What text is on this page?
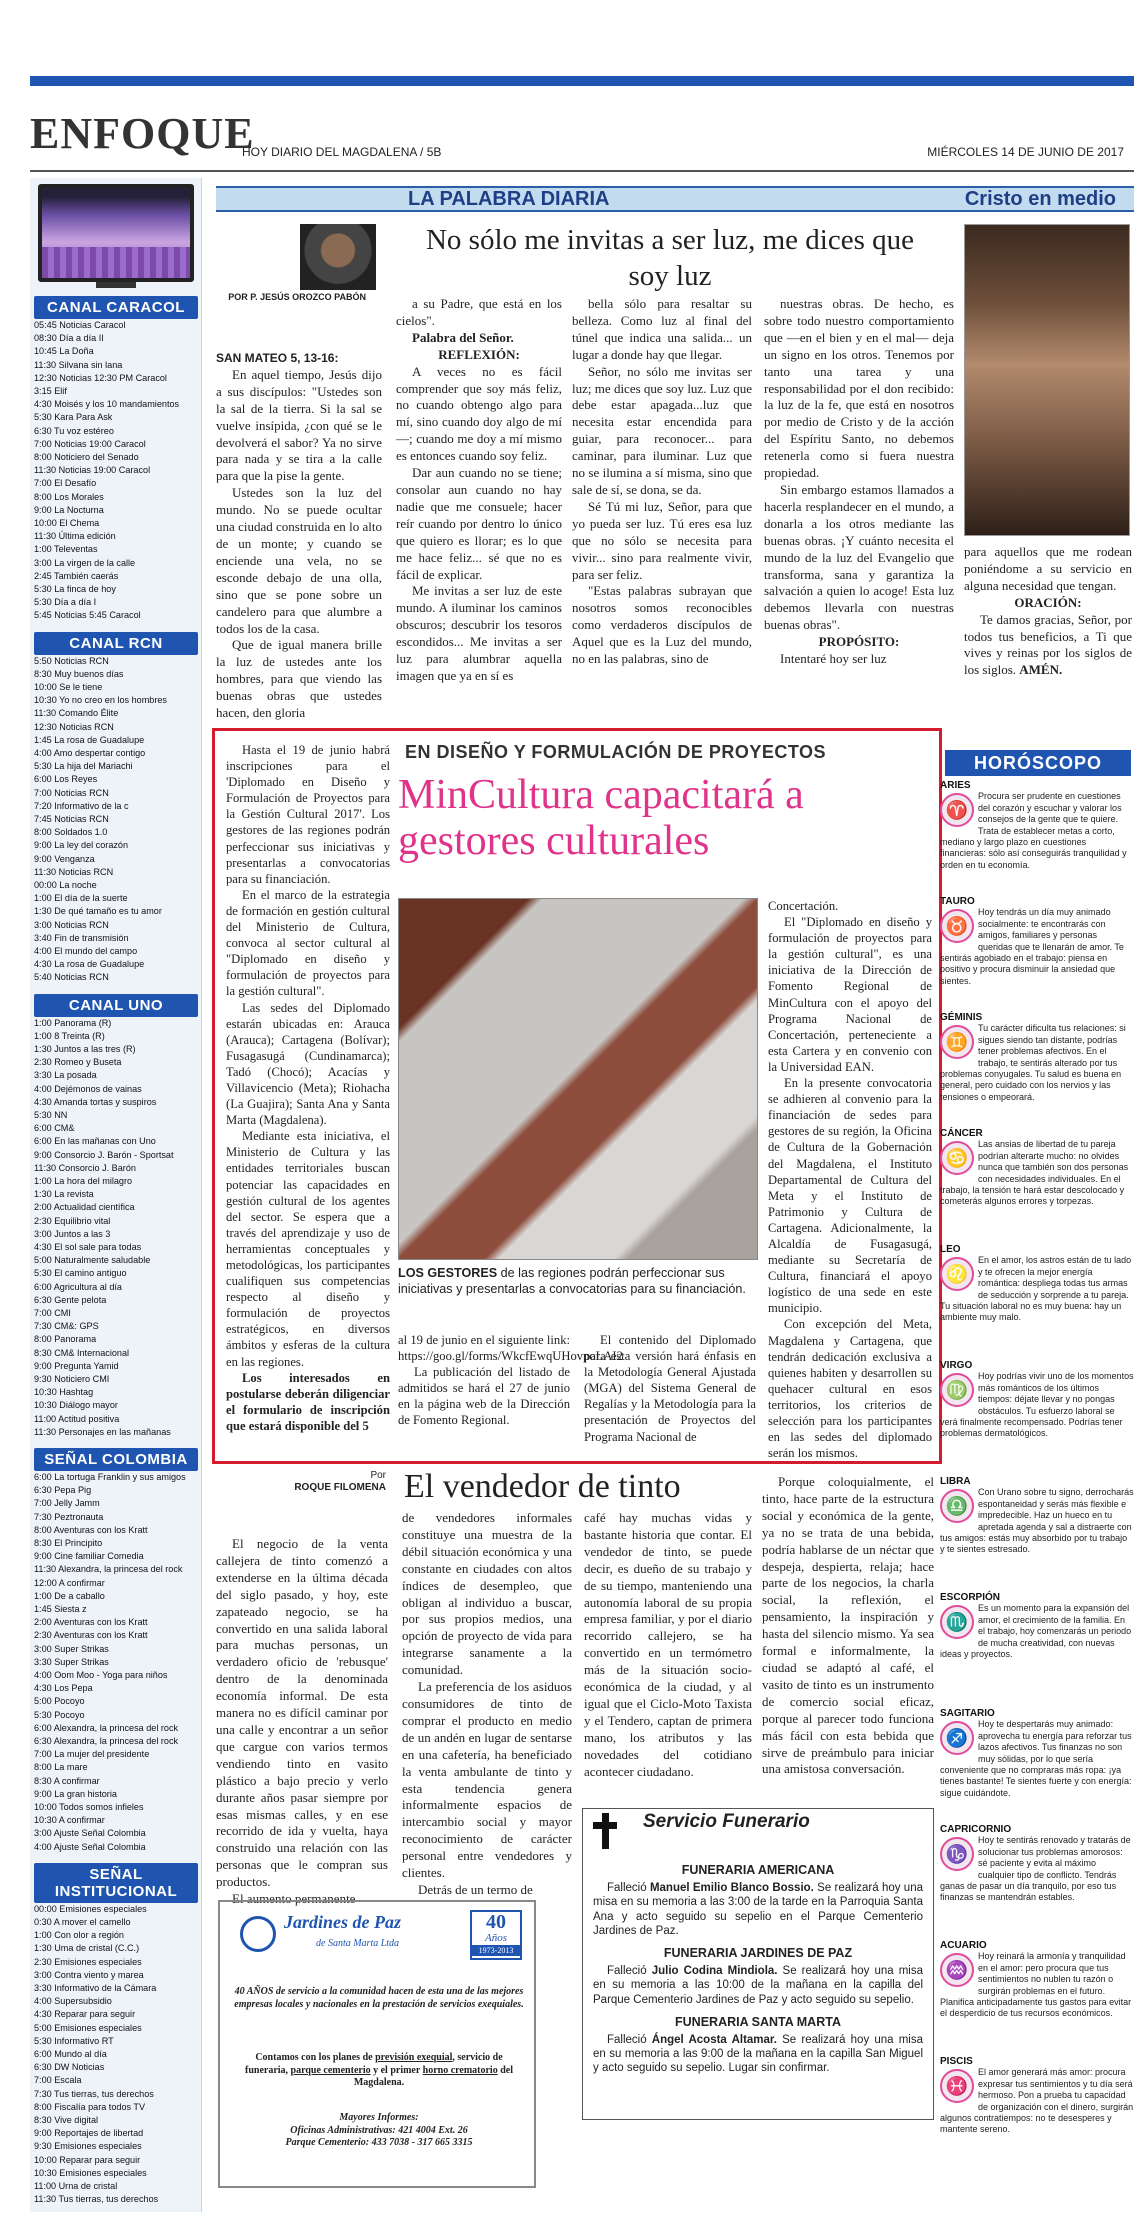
ENFOQUE
HOY DIARIO DEL MAGDALENA / 5B	MIÉRCOLES 14 DE JUNIO DE 2017
CANAL CARACOL
05:45 Noticias Caracol
08:30 Día a día II
10:45 La Doña
11:30 Silvana sin lana
12:30 Noticias 12:30 PM Caracol
3:15 Elif
4:30 Moisés y los 10 mandamientos
5:30 Kara Para Ask
6:30 Tu voz estéreo
7:00 Noticias 19:00 Caracol
8:00 Noticiero del Senado
11:30 Noticias 19:00 Caracol
7:00 El Desafío
8:00 Los Morales
9:00 La Nocturna
10:00 El Chema
11:30 Última edición
1:00 Televentas
3:00 La virgen de la calle
2:45 También caerás
5:30 La finca de hoy
5:30 Día a día I
5:45 Noticias 5:45 Caracol
CANAL RCN
5:50 Noticias RCN
8:30 Muy buenos días
10:00 Se le tiene
10:30 Yo no creo en los hombres
11:30 Comando Élite
12:30 Noticias RCN
1:45 La rosa de Guadalupe
4:00 Amo despertar contigo
5:30 La hija del Mariachi
6:00 Los Reyes
7:00 Noticias RCN
7:20 Informativo de la c
7:45 Noticias RCN
8:00 Soldados 1.0
9:00 La ley del corazón
9:00 Venganza
11:30 Noticias RCN
00:00 La noche
1:00 El día de la suerte
1:30 De qué tamaño es tu amor
3:00 Noticias RCN
3:40 Fin de transmisión
4:00 El mundo del campo
4:30 La rosa de Guadalupe
5:40 Noticias RCN
CANAL UNO
1:00 Panorama (R)
1:00 8 Treinta (R)
1:30 Juntos a las tres (R)
2:30 Romeo y Buseta
3:30 La posada
4:00 Dejémonos de vainas
4:30 Amanda tortas y suspiros
5:30 NN
6:00 CM&
6:00 En las mañanas con Uno
9:00 Consorcio J. Barón - Sportsat
11:30 Consorcio J. Barón
1:00 La hora del milagro
1:30 La revista
2:00 Actualidad científica
2:30 Equilibrio vital
3:00 Juntos a las 3
4:30 El sol sale para todas
5:00 Naturalmente saludable
5:30 El camino antiguo
6:00 Agricultura al día
6:30 Gente pelota
7:00 CMI
7:30 CM&: GPS
8:00 Panorama
8:30 CM& Internacional
9:00 Pregunta Yamid
9:30 Noticiero CMI
10:30 Hashtag
10:30 Diálogo mayor
11:00 Actitud positiva
11:30 Personajes en las mañanas
SEÑAL COLOMBIA
6:00 La tortuga Franklin y sus amigos
6:30 Pepa Pig
7:00 Jelly Jamm
7:30 Peztronauta
8:00 Aventuras con los Kratt
8:30 El Principito
9:00 Cine familiar Comedia
11:30 Alexandra, la princesa del rock
12:00 A confirmar
1:00 De a caballo
1:45 Siesta z
2:00 Aventuras con los Kratt
2:30 Aventuras con los Kratt
3:00 Super Strikas
3:30 Super Strikas
4:00 Oom Moo - Yoga para niños
4:30 Los Pepa
5:00 Pocoyo
5:30 Pocoyo
6:00 Alexandra, la princesa del rock
6:30 Alexandra, la princesa del rock
7:00 La mujer del presidente
8:00 La mare
8:30 A confirmar
9:00 La gran historia
10:00 Todos somos infieles
10:30 A confirmar
3:00 Ajuste Señal Colombia
4:00 Ajuste Señal Colombia
SEÑAL INSTITUCIONAL
00:00 Emisiones especiales
0:30 A mover el camello
1:00 Con olor a región
1:30 Uma de cristal (C.C.)
2:30 Emisiones especiales
3:00 Contra viento y marea
3:30 Informativo de la Cámara
4:00 Supersubsidio
4:30 Reparar para seguir
5:00 Emisiones especiales
5:30 Informativo RT
6:00 Mundo al día
6:30 DW Noticias
7:00 Escala
7:30 Tus tierras, tus derechos
8:00 Fiscalía para todos TV
8:30 Vive digital
9:00 Reportajes de libertad
9:30 Emisiones especiales
10:00 Reparar para seguir
10:30 Emisiones especiales
11:00 Urna de cristal
11:30 Tus tierras, tus derechos
LA PALABRA DIARIA	Cristo en medio
POR P. JESÚS OROZCO PABÓN
No sólo me invitas a ser luz, me dices que soy luz
SAN MATEO 5, 13-16:

En aquel tiempo, Jesús dijo a sus discípulos: "Ustedes son la sal de la tierra. Si la sal se vuelve insípida, ¿con qué se le devolverá el sabor? Ya no sirve para nada y se tira a la calle para que la pise la gente.

Ustedes son la luz del mundo. No se puede ocultar una ciudad construida en lo alto de un monte; y cuando se enciende una vela, no se esconde debajo de una olla, sino que se pone sobre un candelero para que alumbre a todos los de la casa.

Que de igual manera brille la luz de ustedes ante los hombres, para que viendo las buenas obras que ustedes hacen, den gloria

a su Padre, que está en los cielos".

Palabra del Señor.

REFLEXIÓN:

A veces no es fácil comprender que soy más feliz, no cuando obtengo algo para mí, sino cuando doy algo de mí—; cuando me doy a mí mismo es entonces cuando soy feliz.

Dar aun cuando no se tiene; consolar aun cuando no hay nadie que me consuele; hacer reír cuando por dentro lo único que quiero es llorar; es lo que me hace feliz... sé que no es fácil de explicar.

Me invitas a ser luz de este mundo. A iluminar los caminos obscuros; descubrir los tesoros escondidos... Me invitas a ser luz para alumbrar aquella imagen que ya en sí es

bella sólo para resaltar su belleza. Como luz al final del túnel que indica una salida... un lugar a donde hay que llegar.

Señor, no sólo me invitas ser luz; me dices que soy luz. Luz que debe estar apagada...luz que necesita estar encendida para guiar, para reconocer... para caminar, para iluminar. Luz que no se ilumina a sí misma, sino que sale de sí, se dona, se da.

Sé Tú mi luz, Señor, para que yo pueda ser luz. Tú eres esa luz que no sólo se necesita para vivir... sino para realmente vivir, para ser feliz.

"Estas palabras subrayan que nosotros somos reconocibles como verdaderos discípulos de Aquel que es la Luz del mundo, no en las palabras, sino de

nuestras obras. De hecho, es sobre todo nuestro comportamiento que —en el bien y en el mal— deja un signo en los otros. Tenemos por tanto una tarea y una responsabilidad por el don recibido: la luz de la fe, que está en nosotros por medio de Cristo y de la acción del Espíritu Santo, no debemos retenerla como si fuera nuestra propiedad.

Sin embargo estamos llamados a hacerla resplandecer en el mundo, a donarla a los otros mediante las buenas obras. ¡Y cuánto necesita el mundo de la luz del Evangelio que transforma, sana y garantiza la salvación a quien lo acoge! Esta luz debemos llevarla con nuestras buenas obras".

PROPÓSITO:

Intentaré hoy ser luz

para aquellos que me rodean poniéndome a su servicio en alguna necesidad que tengan.

ORACIÓN:

Te damos gracias, Señor, por todos tus beneficios, a Ti que vives y reinas por los siglos de los siglos. AMÉN.

EN DISEÑO Y FORMULACIÓN DE PROYECTOS
MinCultura capacitará a gestores culturales

Hasta el 19 de junio habrá inscripciones para el 'Diplomado en Diseño y Formulación de Proyectos para la Gestión Cultural 2017'. Los gestores de las regiones podrán perfeccionar sus iniciativas y presentarlas a convocatorias para su financiación.

En el marco de la estrategia de formación en gestión cultural del Ministerio de Cultura, convoca al sector cultural al "Diplomado en diseño y formulación de proyectos para la gestión cultural".

Las sedes del Diplomado estarán ubicadas en: Arauca (Arauca); Cartagena (Bolívar); Fusagasugá (Cundinamarca); Tadó (Chocó); Acacías y Villavicencio (Meta); Riohacha (La Guajira); Santa Ana y Santa Marta (Magdalena).

Mediante esta iniciativa, el Ministerio de Cultura y las entidades territoriales buscan potenciar las capacidades en gestión cultural de los agentes del sector. Se espera que a través del aprendizaje y uso de herramientas conceptuales y metodológicas, los participantes cualifiquen sus competencias respecto al diseño y formulación de proyectos estratégicos, en diversos ámbitos y esferas de la cultura en las regiones.

Los interesados en postularse deberán diligenciar el formulario de inscripción que estará disponible del 5

LOS GESTORES de las regiones podrán perfeccionar sus iniciativas y presentarlas a convocatorias para su financiación.

al 19 de junio en el siguiente link: https://goo.gl/forms/WkcfEwqUHovpoLAI2

La publicación del listado de admitidos se hará el 27 de junio en la página web de la Dirección de Fomento Regional.

El contenido del Diplomado para esta versión hará énfasis en la Metodología General Ajustada (MGA) del Sistema General de Regalías y la Metodología para la presentación de Proyectos del Programa Nacional de

Concertación.

El "Diplomado en diseño y formulación de proyectos para la gestión cultural", es una iniciativa de la Dirección de Fomento Regional de MinCultura con el apoyo del Programa Nacional de Concertación, perteneciente a esta Cartera y en convenio con la Universidad EAN.

En la presente convocatoria se adhieren al convenio para la financiación de sedes para gestores de su región, la Oficina de Cultura de la Gobernación del Magdalena, el Instituto Departamental de Cultura del Meta y el Instituto de Patrimonio y Cultura de Cartagena. Adicionalmente, la Alcaldía de Fusagasugá, mediante su Secretaría de Cultura, financiará el apoyo logístico de una sede en este municipio.

Con excepción del Meta, Magdalena y Cartagena, que tendrán dedicación exclusiva a quienes habiten y desarrollen su quehacer cultural en esos territorios, los criterios de selección para los participantes en las sedes del diplomado serán los mismos.

HORÓSCOPO
ARIES
♈
Procura ser prudente en cuestiones del corazón y escuchar y valorar los consejos de la gente que te quiere. Trata de establecer metas a corto, mediano y largo plazo en cuestiones financieras: sólo así conseguirás tranquilidad y orden en tu economía.
TAURO
♉
Hoy tendrás un día muy animado socialmente: te encontrarás con amigos, familiares y personas queridas que te llenarán de amor. Te sentirás agobiado en el trabajo: piensa en positivo y procura disminuir la ansiedad que sientes.
GÉMINIS
♊
Tu carácter dificulta tus relaciones: si sigues siendo tan distante, podrías tener problemas afectivos. En el trabajo, te sentirás alterado por tus problemas conyugales. Tu salud es buena en general, pero cuidado con los nervios y las tensiones o empeorará.
CÁNCER
♋
Las ansias de libertad de tu pareja podrían alterarte mucho: no olvides nunca que también son dos personas con necesidades individuales. En el trabajo, la tensión te hará estar descolocado y cometerás algunos errores y torpezas.
LEO
♌
En el amor, los astros están de tu lado y te ofrecen la mejor energía romántica: despliega todas tus armas de seducción y sorprende a tu pareja. Tu situación laboral no es muy buena: hay un ambiente muy malo.
VIRGO
♍
Hoy podrías vivir uno de los momentos más románticos de los últimos tiempos: déjate llevar y no pongas obstáculos. Tu esfuerzo laboral se verá finalmente recompensado. Podrías tener problemas dermatológicos.
LIBRA
♎
Con Urano sobre tu signo, derrocharás espontaneidad y serás más flexible e impredecible. Haz un hueco en tu apretada agenda y sal a distraerte con tus amigos: estás muy absorbido por tu trabajo y te sientes estresado.
ESCORPIÓN
♏
Es un momento para la expansión del amor, el crecimiento de la familia. En el trabajo, hoy comenzarás un periodo de mucha creatividad, con nuevas ideas y proyectos.
SAGITARIO
♐
Hoy te despertarás muy animado: aprovecha tu energía para reforzar tus lazos afectivos. Tus finanzas no son muy sólidas, por lo que sería conveniente que no compraras más ropa: ¡ya tienes bastante! Te sientes fuerte y con energía: sigue cuidándote.
CAPRICORNIO
♑
Hoy te sentirás renovado y tratarás de solucionar tus problemas amorosos: sé paciente y evita al máximo cualquier tipo de conflicto. Tendrás ganas de pasar un día tranquilo, por eso tus finanzas se mantendrán estables.
ACUARIO
♒
Hoy reinará la armonía y tranquilidad en el amor: pero procura que tus sentimientos no nublen tu razón o surgirán problemas en el futuro. Planifica anticipadamente tus gastos para evitar el desperdicio de tus recursos económicos.
PISCIS
♓
El amor generará más amor: procura expresar tus sentimientos y tu día será hermoso. Pon a prueba tu capacidad de organización con el dinero, surgirán algunos contratiempos: no te desesperes y mantente sereno.
Por
ROQUE FILOMENA El vendedor de tinto

El negocio de la venta callejera de tinto comenzó a extenderse en la última década del siglo pasado, y hoy, este zapateado negocio, se ha convertido en una salida laboral para muchas personas, un verdadero oficio de 'rebusque' dentro de la denominada economía informal. De esta manera no es difícil caminar por una calle y encontrar a un señor que cargue con varios termos vendiendo tinto en vasito plástico a bajo precio y verlo durante años pasar siempre por esas mismas calles, y en ese recorrido de ida y vuelta, haya construido una relación con las personas que le compran sus productos.

El aumento permanente

de vendedores informales constituye una muestra de la débil situación económica y una constante en ciudades con altos índices de desempleo, que obligan al individuo a buscar, por sus propios medios, una opción de proyecto de vida para integrarse sanamente a la comunidad.

La preferencia de los asiduos consumidores de tinto de comprar el producto en medio de un andén en lugar de sentarse en una cafetería, ha beneficiado la venta ambulante de tinto y esta tendencia genera informalmente espacios de intercambio social y mayor reconocimiento de carácter personal entre vendedores y clientes.

Detrás de un termo de

café hay muchas vidas y bastante historia que contar. El vendedor de tinto, se puede decir, es dueño de su trabajo y de su tiempo, manteniendo una autonomía laboral de su propia empresa familiar, y por el diario recorrido callejero, se ha convertido en un termómetro más de la situación socio-económica de la ciudad, y al igual que el Ciclo-Moto Taxista y el Tendero, captan de primera mano, los atributos y las novedades del cotidiano acontecer ciudadano.

Porque coloquialmente, el tinto, hace parte de la estructura social y económica de la gente, ya no se trata de una bebida, podría hablarse de un néctar que despeja, despierta, relaja; hace parte de los negocios, la charla social, la reflexión, el pensamiento, la inspiración y hasta del silencio mismo. Ya sea formal e informalmente, la ciudad se adaptó al café, el vasito de tinto es un instrumento de comercio social eficaz, porque al parecer todo funciona más fácil con esta bebida que sirve de preámbulo para iniciar una amistosa conversación.

Jardines de Paz
de Santa Marta Ltda
40
Años
1973-2013
40 AÑOS de servicio a la comunidad hacen de esta una de las mejores empresas locales y nacionales en la prestación de servicios exequiales.
Contamos con los planes de previsión exequial, servicio de funeraria, parque cementerio y el primer horno crematorio del Magdalena.
Mayores Informes:
Oficinas Administrativas: 421 4004 Ext. 26
Parque Cementerio: 433 7038 - 317 665 3315
Servicio Funerario
FUNERARIA AMERICANA

Falleció Manuel Emilio Blanco Bossio. Se realizará hoy una misa en su memoria a las 3:00 de la tarde en la Parroquia Santa Ana y acto seguido su sepelio en el Parque Cementerio Jardines de Paz.

FUNERARIA JARDINES DE PAZ

Falleció Julio Codina Mindiola. Se realizará hoy una misa en su memoria a las 10:00 de la mañana en la capilla del Parque Cementerio Jardines de Paz y acto seguido su sepelio.

FUNERARIA SANTA MARTA

Falleció Ángel Acosta Altamar. Se realizará hoy una misa en su memoria a las 9:00 de la mañana en la capilla San Miguel y acto seguido su sepelio. Lugar sin confirmar.
